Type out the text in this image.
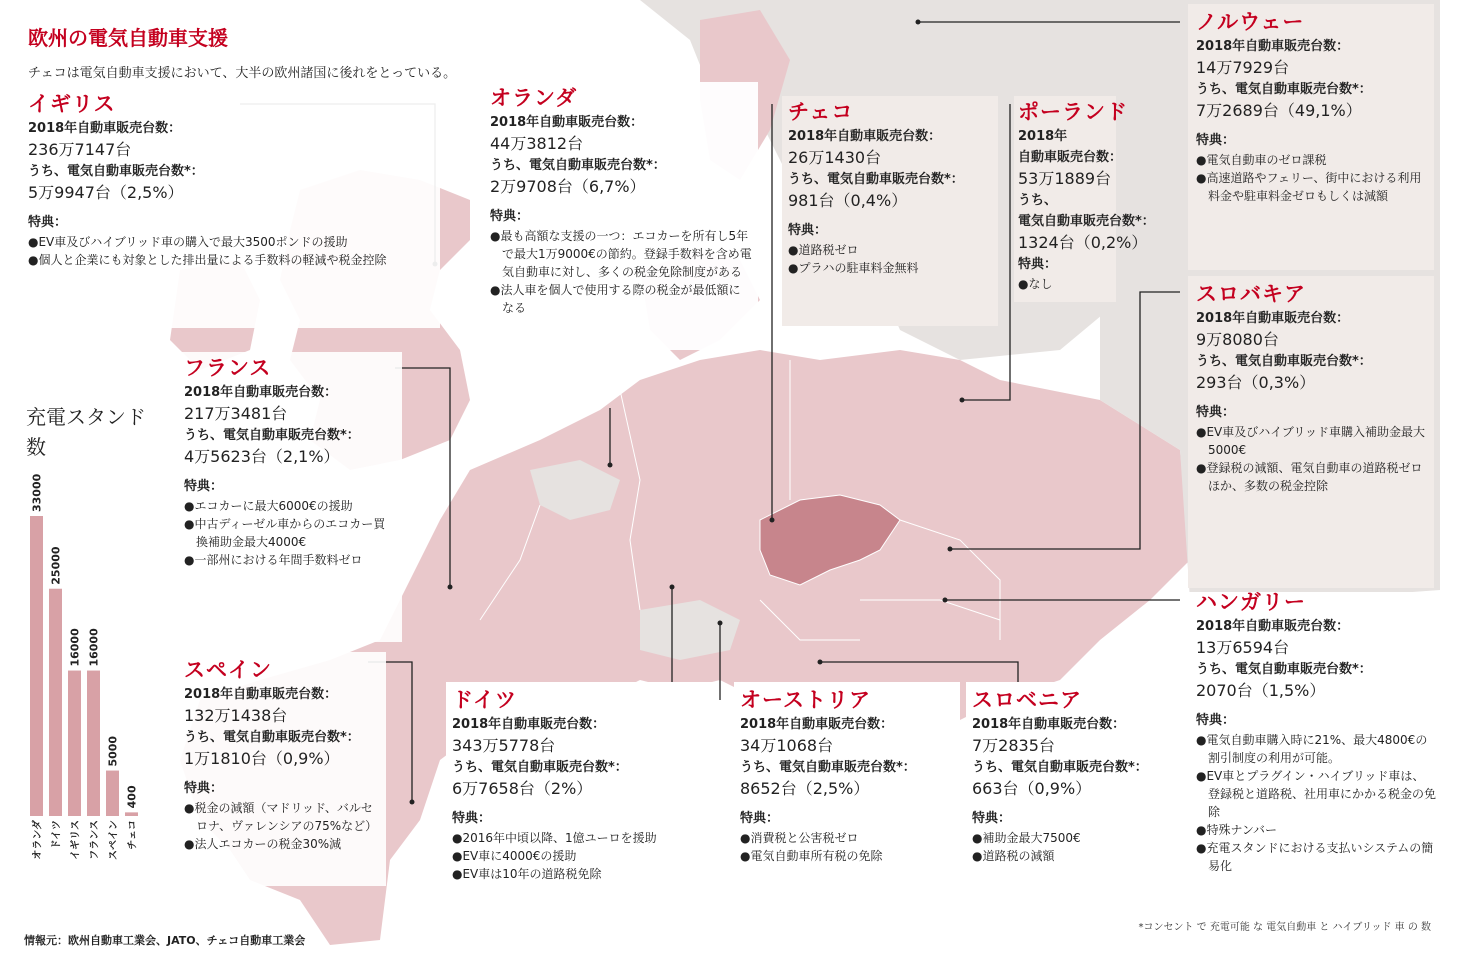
欧州の電気自動車支援
チェコは電気自動車支援において、大半の欧州諸国に後れをとっている。
イギリス
2018年自動車販売台数：
236万7147台
うち、電気自動車販売台数*：
5万9947台（2,5%）
特典：
●EV車及びハイブリッド車の購入で最大3500ポンドの援助
●個人と企業にも対象とした排出量による手数料の軽減や税金控除
オランダ
2018年自動車販売台数：
44万3812台
うち、電気自動車販売台数*：
2万9708台（6,7%）
特典：
●最も高額な支援の一つ：エコカーを所有し5年で最大1万9000€の節約。登録手数料を含め電気自動車に対し、多くの税金免除制度がある
●法人車を個人で使用する際の税金が最低額になる
チェコ
2018年自動車販売台数：
26万1430台
うち、電気自動車販売台数*：
981台（0,4%）
特典：
●道路税ゼロ
●プラハの駐車料金無料
ポーランド
2018年
自動車販売台数：
53万1889台
うち、
電気自動車販売台数*：
1324台（0,2%）
特典：
●なし
ノルウェー
2018年自動車販売台数：
14万7929台
うち、電気自動車販売台数*：
7万2689台（49,1%）
特典：
●電気自動車のゼロ課税
●高速道路やフェリー、街中における利用料金や駐車料金ゼロもしくは減額
スロバキア
2018年自動車販売台数：
9万8080台
うち、電気自動車販売台数*：
293台（0,3%）
特典：
●EV車及びハイブリッド車購入補助金最大 5000€
●登録税の減額、電気自動車の道路税ゼロほか、多数の税金控除
フランス
2018年自動車販売台数：
217万3481台
うち、電気自動車販売台数*：
4万5623台（2,1%）
特典：
●エコカーに最大6000€の援助
●中古ディーゼル車からのエコカー買換補助金最大4000€
●一部州における年間手数料ゼロ
スペイン
2018年自動車販売台数：
132万1438台
うち、電気自動車販売台数*：
1万1810台（0,9%）
特典：
●税金の減額（マドリッド、バルセロナ、ヴァレンシアの75%など）
●法人エコカーの税金30%減
ドイツ
2018年自動車販売台数：
343万5778台
うち、電気自動車販売台数*：
6万7658台（2%）
特典：
●2016年中頃以降、1億ユーロを援助
●EV車に4000€の援助
●EV車は10年の道路税免除
オーストリア
2018年自動車販売台数：
34万1068台
うち、電気自動車販売台数*：
8652台（2,5%）
特典：
●消費税と公害税ゼロ
●電気自動車所有税の免除
スロベニア
2018年自動車販売台数：
7万2835台
うち、電気自動車販売台数*：
663台（0,9%）
特典：
●補助金最大7500€
●道路税の減額
ハンガリー
2018年自動車販売台数：
13万6594台
うち、電気自動車販売台数*：
2070台（1,5%）
特典：
●電気自動車購入時に21%、最大4800€の割引制度の利用が可能。
●EV車とプラグイン・ハイブリッド車は、登録税と道路税、社用車にかかる税金の免除
●特殊ナンバー
●充電スタンドにおける支払いシステムの簡易化
充電スタンド数
33000
オランダ
25000
ドイツ
16000
イギリス
16000
フランス
5000
スペイン
400
チェコ
情報元：欧州自動車工業会、JATO、チェコ自動車工業会
*コンセント で 充電可能 な 電気自動車 と ハイブリッド 車 の 数
